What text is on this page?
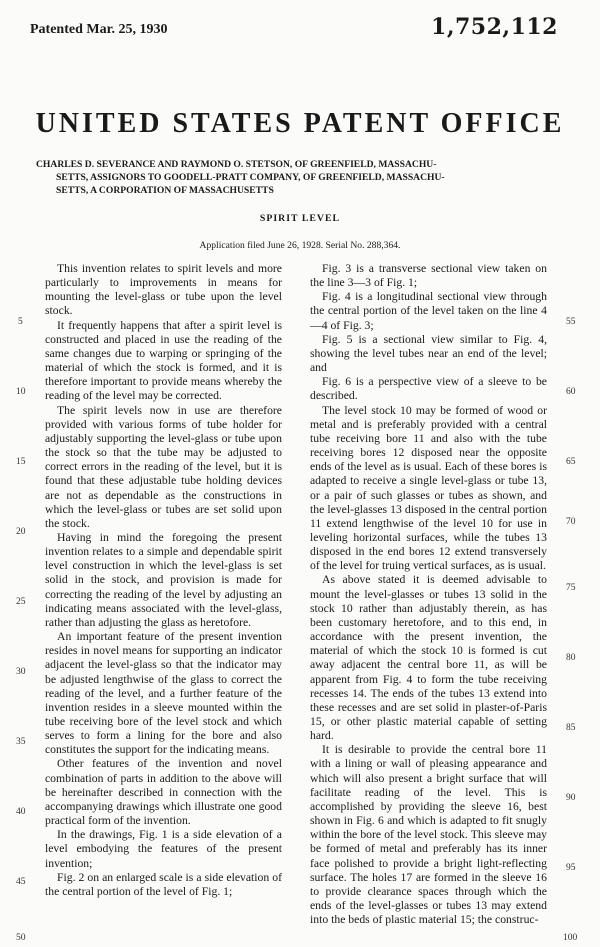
Patented Mar. 25, 1930	1,752,112
UNITED STATES PATENT OFFICE
CHARLES D. SEVERANCE AND RAYMOND O. STETSON, OF GREENFIELD, MASSACHU-
SETTS, ASSIGNORS TO GOODELL-PRATT COMPANY, OF GREENFIELD, MASSACHU-
SETTS, A CORPORATION OF MASSACHUSETTS
SPIRIT LEVEL
Application filed June 26, 1928. Serial No. 288,364.

This invention relates to spirit levels and more particularly to improvements in means for mounting the level-glass or tube upon the level stock.

It frequently happens that after a spirit level is constructed and placed in use the reading of the same changes due to warping or springing of the material of which the stock is formed, and it is therefore important to provide means whereby the reading of the level may be corrected.

The spirit levels now in use are therefore provided with various forms of tube holder for adjustably supporting the level-glass or tube upon the stock so that the tube may be adjusted to correct errors in the reading of the level, but it is found that these adjustable tube holding devices are not as dependable as the constructions in which the level-glass or tubes are set solid upon the stock.

Having in mind the foregoing the present invention relates to a simple and dependable spirit level construction in which the level-glass is set solid in the stock, and provision is made for correcting the reading of the level by adjusting an indicating means associated with the level-glass, rather than adjusting the glass as heretofore.

An important feature of the present invention resides in novel means for supporting an indicator adjacent the level-glass so that the indicator may be adjusted lengthwise of the glass to correct the reading of the level, and a further feature of the invention resides in a sleeve mounted within the tube receiving bore of the level stock and which serves to form a lining for the bore and also constitutes the support for the indicating means.

Other features of the invention and novel combination of parts in addition to the above will be hereinafter described in connection with the accompanying drawings which illustrate one good practical form of the invention.

In the drawings, Fig. 1 is a side elevation of a level embodying the features of the present invention;

Fig. 2 on an enlarged scale is a side elevation of the central portion of the level of Fig. 1;

Fig. 3 is a transverse sectional view taken on the line 3—3 of Fig. 1;

Fig. 4 is a longitudinal sectional view through the central portion of the level taken on the line 4—4 of Fig. 3;

Fig. 5 is a sectional view similar to Fig. 4, showing the level tubes near an end of the level; and

Fig. 6 is a perspective view of a sleeve to be described.

The level stock 10 may be formed of wood or metal and is preferably provided with a central tube receiving bore 11 and also with the tube receiving bores 12 disposed near the opposite ends of the level as is usual. Each of these bores is adapted to receive a single level-glass or tube 13, or a pair of such glasses or tubes as shown, and the level-glasses 13 disposed in the central portion 11 extend lengthwise of the level 10 for use in leveling horizontal surfaces, while the tubes 13 disposed in the end bores 12 extend transversely of the level for truing vertical surfaces, as is usual.

As above stated it is deemed advisable to mount the level-glasses or tubes 13 solid in the stock 10 rather than adjustably therein, as has been customary heretofore, and to this end, in accordance with the present invention, the material of which the stock 10 is formed is cut away adjacent the central bore 11, as will be apparent from Fig. 4 to form the tube receiving recesses 14. The ends of the tubes 13 extend into these recesses and are set solid in plaster-of-Paris 15, or other plastic material capable of setting hard.

It is desirable to provide the central bore 11 with a lining or wall of pleasing appearance and which will also present a bright surface that will facilitate reading of the level. This is accomplished by providing the sleeve 16, best shown in Fig. 6 and which is adapted to fit snugly within the bore of the level stock. This sleeve may be formed of metal and preferably has its inner face polished to provide a bright light-reflecting surface. The holes 17 are formed in the sleeve 16 to provide clearance spaces through which the ends of the level-glasses or tubes 13 may extend into the beds of plastic material 15; the construc-

5
10
15
20
25
30
35
40
45
50
55
60
65
70
75
80
85
90
95
100
